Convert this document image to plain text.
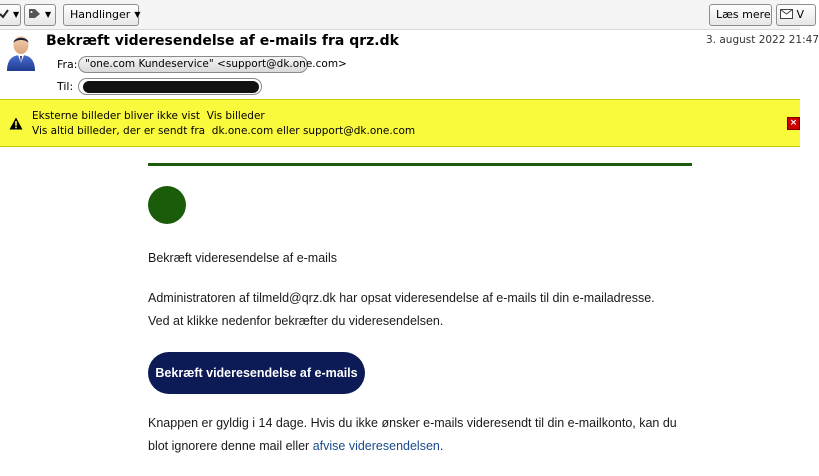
▼	▼	Handlinger ▼	Læs mere	V
Bekræft videresendelse af e-mails fra qrz.dk	3. august 2022 21:47
Fra: "one.com Kundeservice" <support@dk.one.com>
Til:
Eksterne billeder bliver ikke vist Vis billeder
Vis altid billeder, der er sendt fra dk.one.com eller support@dk.one.com
×
Bekræft videresendelse af e-mails
Administratoren af tilmeld@qrz.dk har opsat videresendelse af e-mails til din e-mailadresse. Ved at klikke nedenfor bekræfter du videresendelsen.
Bekræft videresendelse af e-mails
Knappen er gyldig i 14 dage. Hvis du ikke ønsker e-mails videresendt til din e-mailkonto, kan du blot ignorere denne mail eller afvise videresendelsen.
